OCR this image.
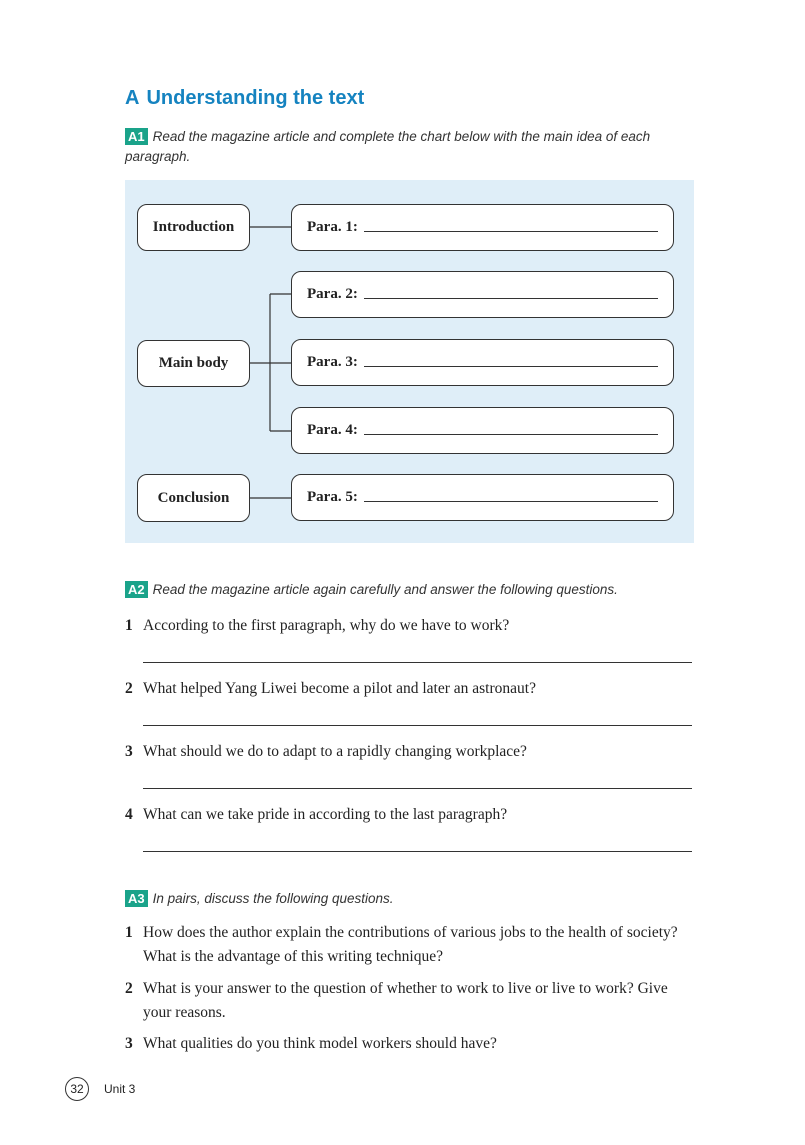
A Understanding the text
A1 Read the magazine article and complete the chart below with the main idea of each paragraph.
Introduction
Main body
Conclusion
Para. 1:
Para. 2:
Para. 3:
Para. 4:
Para. 5:
A2 Read the magazine article again carefully and answer the following questions.
1 According to the first paragraph, why do we have to work?
2 What helped Yang Liwei become a pilot and later an astronaut?
3 What should we do to adapt to a rapidly changing workplace?
4 What can we take pride in according to the last paragraph?
A3 In pairs, discuss the following questions.
1 How does the author explain the contributions of various jobs to the health of society? What is the advantage of this writing technique?
2 What is your answer to the question of whether to work to live or live to work? Give your reasons.
3 What qualities do you think model workers should have?
32	Unit 3
